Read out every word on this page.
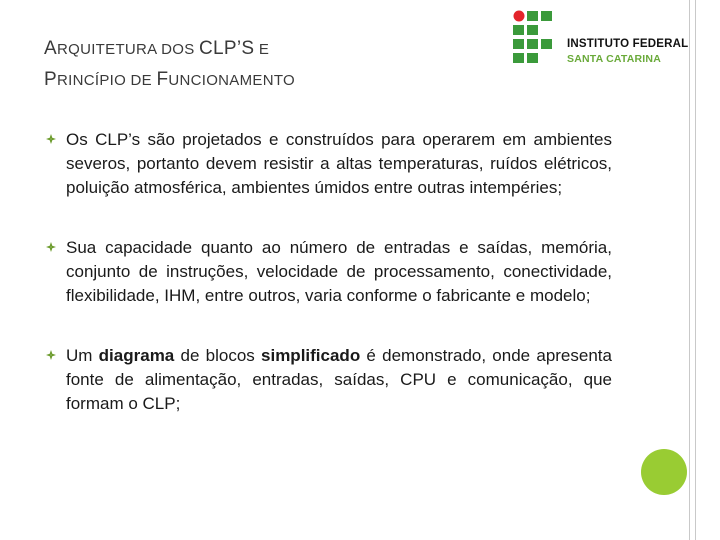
ARQUITETURA DOS CLP’S E
PRINCÍPIO DE FUNCIONAMENTO
INSTITUTO FEDERAL
SANTA CATARINA
Os CLP’s são projetados e construídos para operarem em ambientes severos, portanto devem resistir a altas temperaturas, ruídos elétricos, poluição atmosférica, ambientes úmidos entre outras intempéries;
Sua capacidade quanto ao número de entradas e saídas, memória, conjunto de instruções, velocidade de processamento, conectividade, flexibilidade, IHM, entre outros, varia conforme o fabricante e modelo;
Um diagrama de blocos simplificado é demonstrado, onde apresenta fonte de alimentação, entradas, saídas, CPU e comunicação, que formam o CLP;
